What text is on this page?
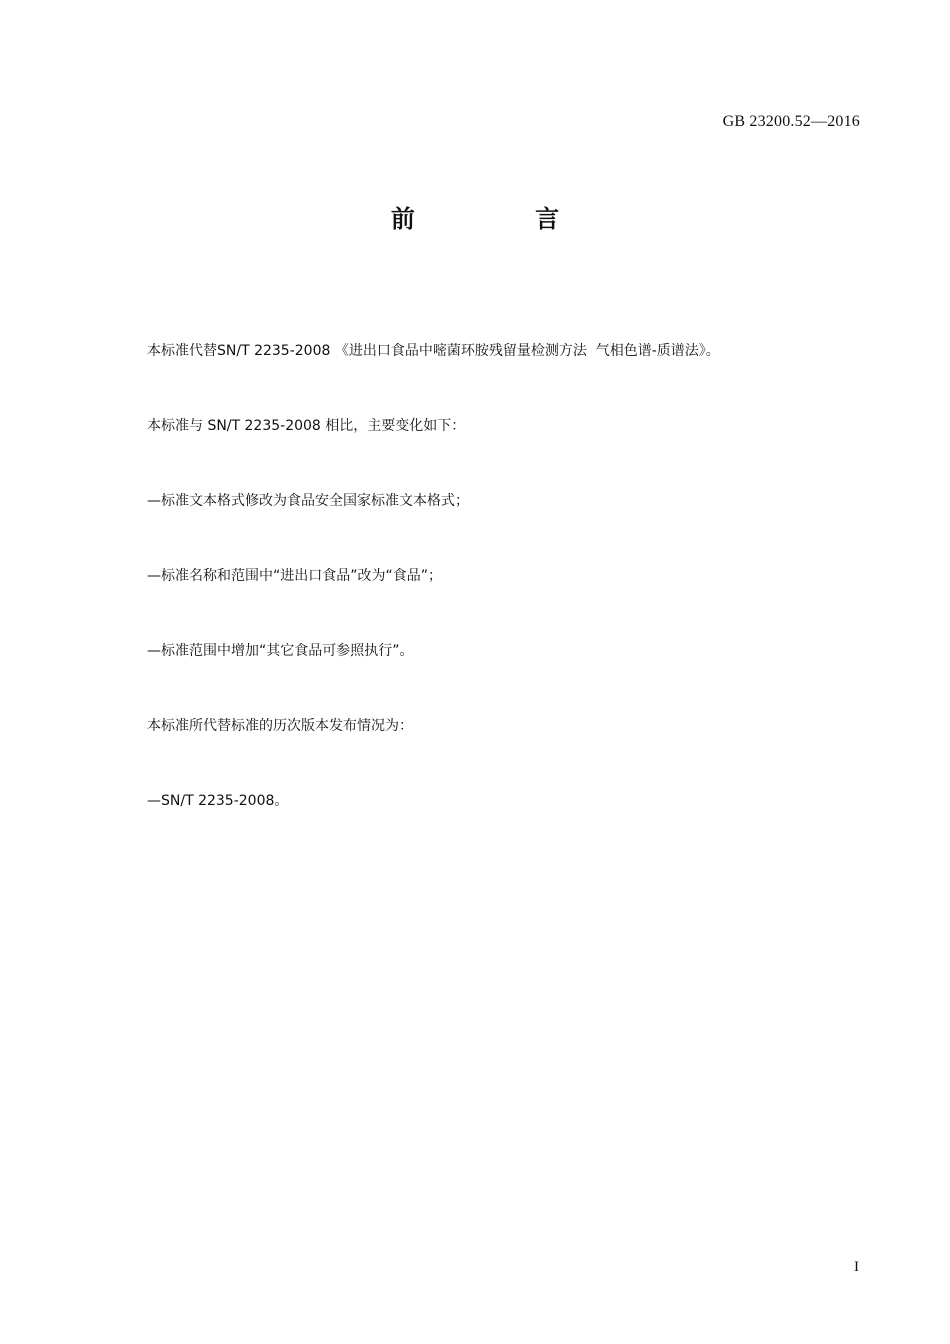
GB 23200.52—2016
前 言

本标准代替SN/T 2235-2008 《进出口食品中嘧菌环胺残留量检测方法  气相色谱-质谱法》。

本标准与 SN/T 2235-2008 相比，主要变化如下：

—标准文本格式修改为食品安全国家标准文本格式；

—标准名称和范围中“进出口食品”改为“食品”；

—标准范围中增加“其它食品可参照执行”。

本标准所代替标准的历次版本发布情况为：

—SN/T 2235-2008。

I
